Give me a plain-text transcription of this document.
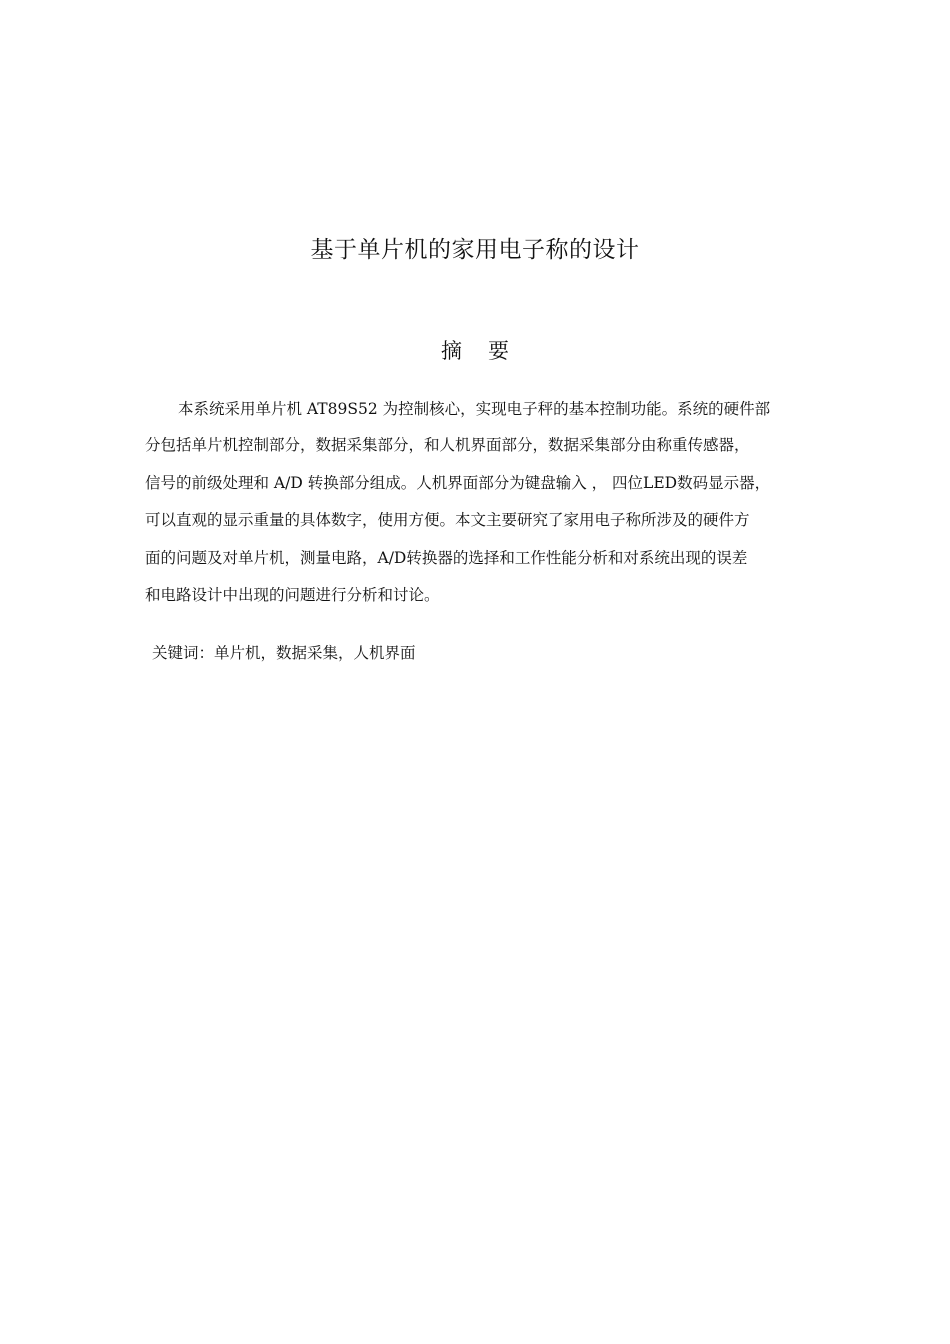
基于单片机的家用电子称的设计
摘要
本系统采用单片机 AT89S52 为控制核心，实现电子秤的基本控制功能。系统的硬件部
分包括单片机控制部分，数据采集部分，和人机界面部分，数据采集部分由称重传感器，
信号的前级处理和 A/D 转换部分组成。人机界面部分为键盘输入 ， 四位LED数码显示器，
可以直观的显示重量的具体数字，使用方便。本文主要研究了家用电子称所涉及的硬件方
面的问题及对单片机，测量电路，A/D转换器的选择和工作性能分析和对系统出现的误差
和电路设计中出现的问题进行分析和讨论。
关键词：单片机，数据采集，人机界面
